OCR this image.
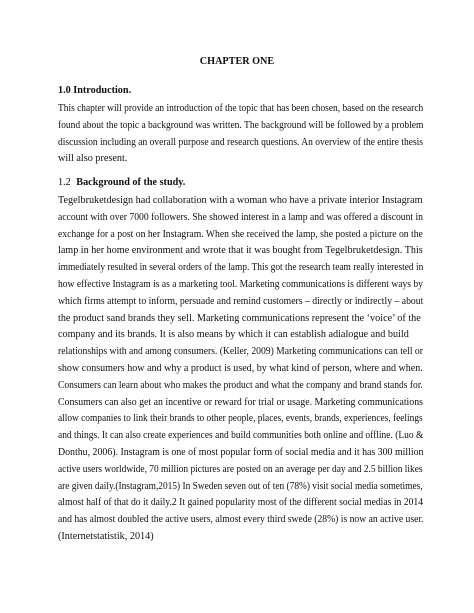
CHAPTER ONE
1.0 Introduction.

This chapter will provide an introduction of the topic that has been chosen, based on the research
found about the topic a background was written. The background will be followed by a problem
discussion including an overall purpose and research questions. An overview of the entire thesis
will also present.

1.2 Background of the study.

Tegelbruketdesign had collaboration with a woman who have a private interior Instagram
account with over 7000 followers. She showed interest in a lamp and was offered a discount in
exchange for a post on her Instagram. When she received the lamp, she posted a picture on the
lamp in her home environment and wrote that it was bought from Tegelbruketdesign. This
immediately resulted in several orders of the lamp. This got the research team really interested in
how effective Instagram is as a marketing tool. Marketing communications is different ways by
which firms attempt to inform, persuade and remind customers – directly or indirectly – about
the product sand brands they sell. Marketing communications represent the ‘voice’ of the
company and its brands. It is also means by which it can establish adialogue and build
relationships with and among consumers. (Keller, 2009) Marketing communications can tell or
show consumers how and why a product is used, by what kind of person, where and when.
Consumers can learn about who makes the product and what the company and brand stands for.
Consumers can also get an incentive or reward for trial or usage. Marketing communications
allow companies to link their brands to other people, places, events, brands, experiences, feelings
and things. It can also create experiences and build communities both online and offline. (Luo &
Donthu, 2006). Instagram is one of most popular form of social media and it has 300 million
active users worldwide, 70 million pictures are posted on an average per day and 2.5 billion likes
are given daily.(Instagram,2015) In Sweden seven out of ten (78%) visit social media sometimes,
almost half of that do it daily.2 It gained popularity most of the different social medias in 2014
and has almost doubled the active users, almost every third swede (28%) is now an active user.
(Internetstatistik, 2014)
